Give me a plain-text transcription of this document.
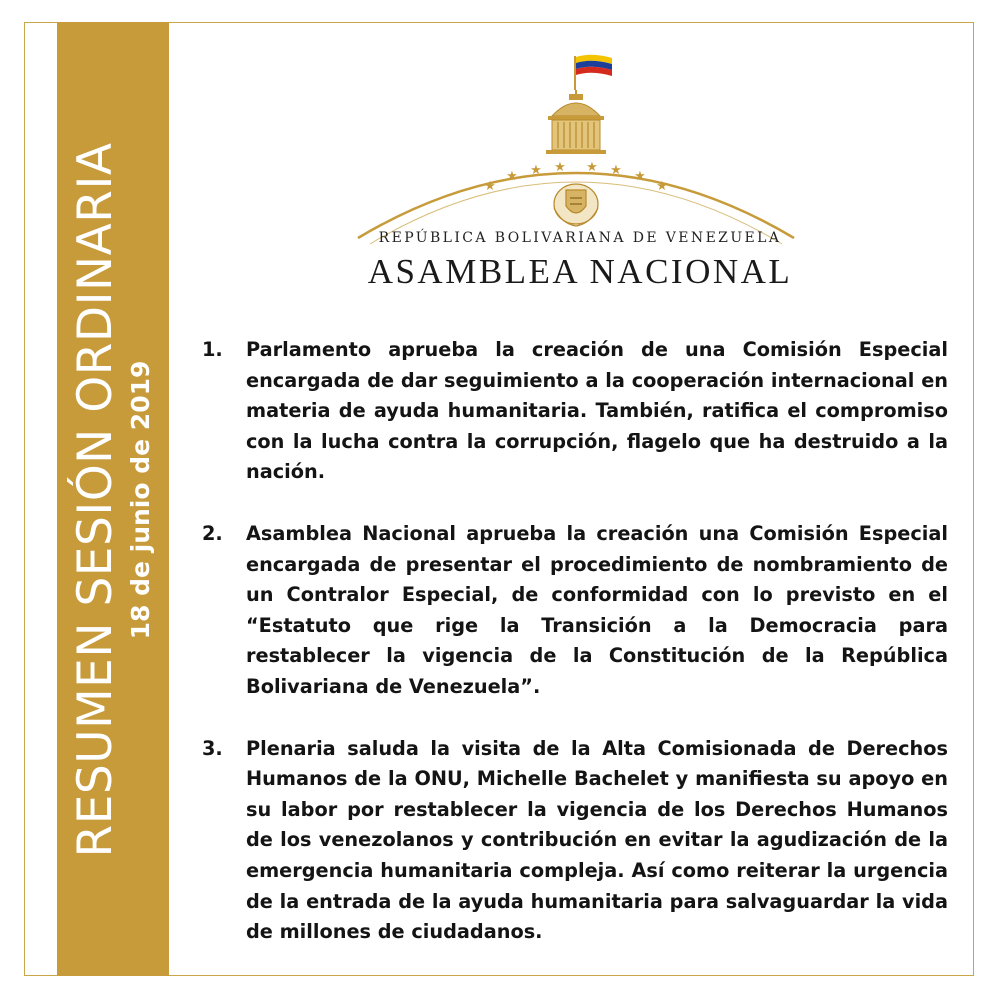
RESUMEN SESIÓN ORDINARIA 18 de junio de 2019
★
★ ★ ★ ★ ★ ★
★
REPÚBLICA BOLIVARIANA DE VENEZUELA
ASAMBLEA NACIONAL
1. Parlamento aprueba la creación de una Comisión Especial encargada de dar seguimiento a la cooperación internacional en materia de ayuda humanitaria. También, ratifica el compromiso con la lucha contra la corrupción, flagelo que ha destruido a la nación.
2. Asamblea Nacional aprueba la creación una Comisión Especial encargada de presentar el procedimiento de nombramiento de un Contralor Especial, de conformidad con lo previsto en el “Estatuto que rige la Transición a la Democracia para restablecer la vigencia de la Constitución de la República Bolivariana de Venezuela”.
3. Plenaria saluda la visita de la Alta Comisionada de Derechos Humanos de la ONU, Michelle Bachelet y manifiesta su apoyo en su labor por restablecer la vigencia de los Derechos Humanos de los venezolanos y contribución en evitar la agudización de la emergencia humanitaria compleja. Así como reiterar la urgencia de la entrada de la ayuda humanitaria para salvaguardar la vida de millones de ciudadanos.
